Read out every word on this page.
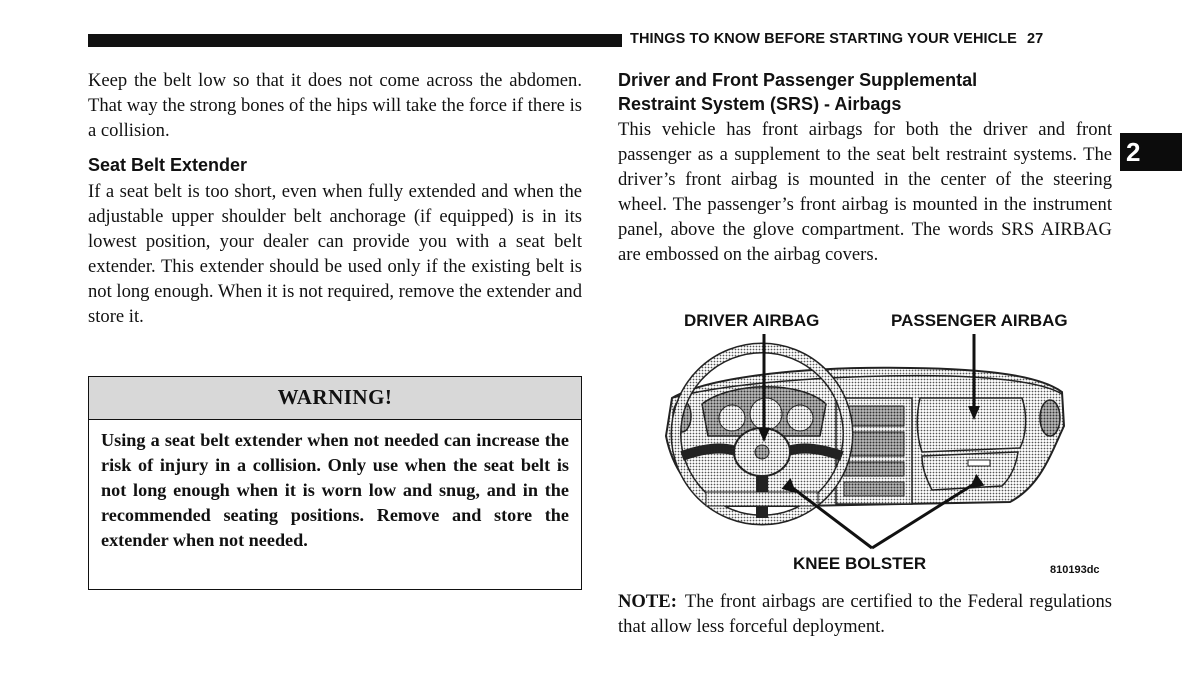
THINGS TO KNOW BEFORE STARTING YOUR VEHICLE 27
2

Keep the belt low so that it does not come across the abdomen. That way the strong bones of the hips will take the force if there is a collision.

Seat Belt Extender

If a seat belt is too short, even when fully extended and when the adjustable upper shoulder belt anchorage (if equipped) is in its lowest position, your dealer can provide you with a seat belt extender. This extender should be used only if the existing belt is not long enough. When it is not required, remove the extender and store it.

WARNING!

Using a seat belt extender when not needed can increase the risk of injury in a collision. Only use when the seat belt is not long enough when it is worn low and snug, and in the recommended seating positions. Remove and store the extender when not needed.

Driver and Front Passenger Supplemental
Restraint System (SRS) - Airbags

This vehicle has front airbags for both the driver and front passenger as a supplement to the seat belt restraint systems. The driver’s front airbag is mounted in the center of the steering wheel. The passenger’s front airbag is mounted in the instrument panel, above the glove compartment. The words SRS AIRBAG are embossed on the airbag covers.

DRIVER AIRBAG	PASSENGER AIRBAG
KNEE BOLSTER	810193dc

NOTE: The front airbags are certified to the Federal regulations that allow less forceful deployment.
